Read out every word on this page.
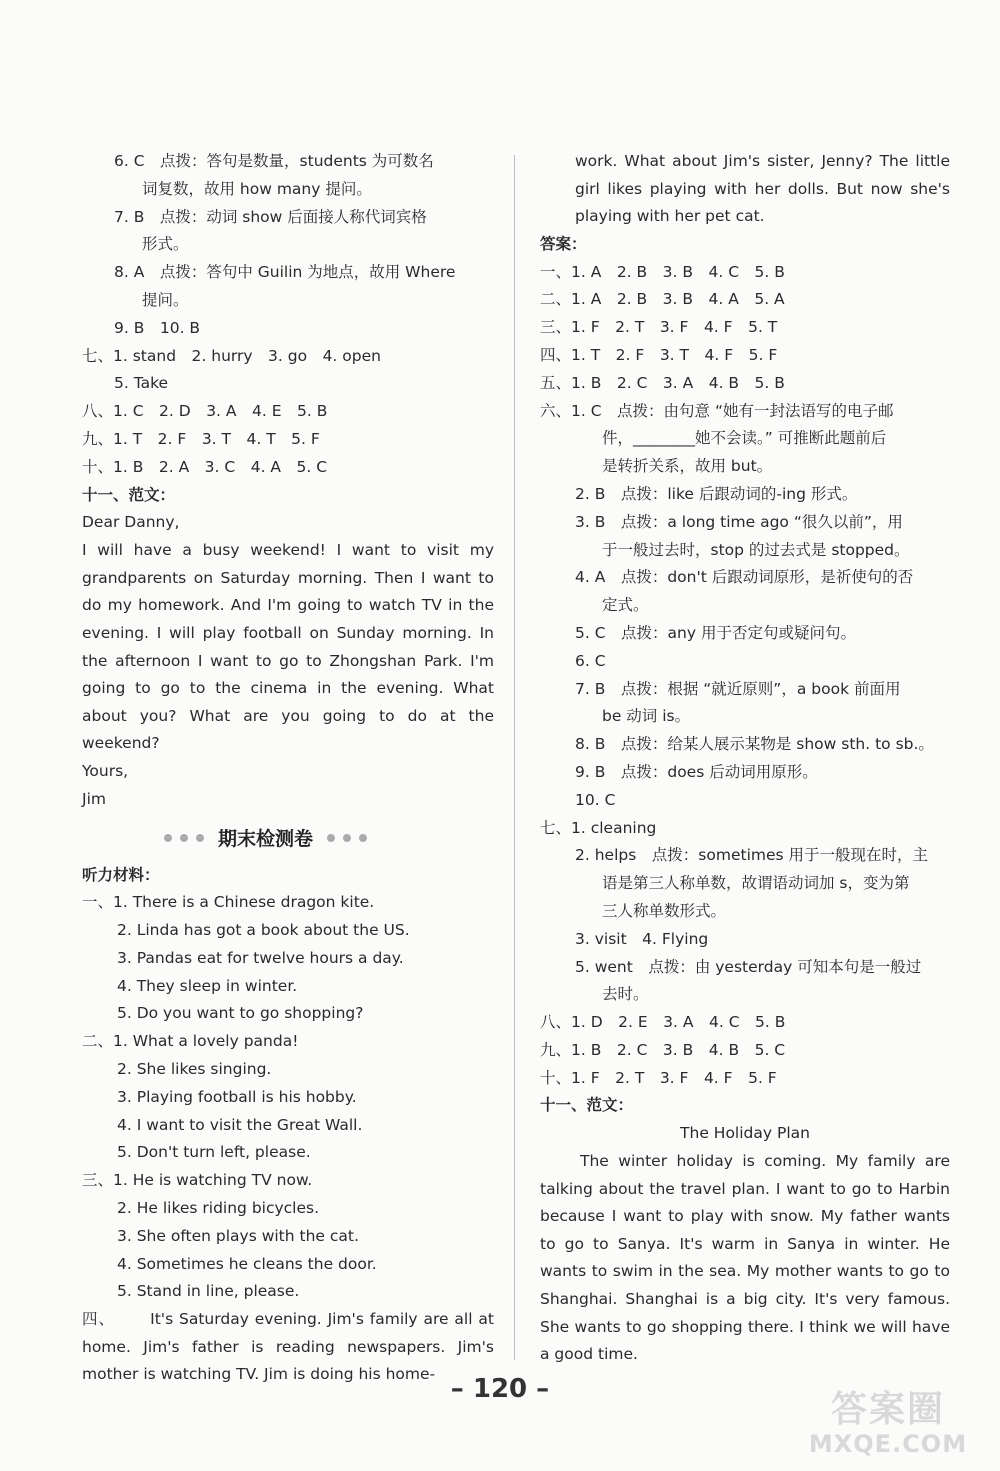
6. C　点拨：答句是数量，students 为可数名
词复数，故用 how many 提问。
7. B　点拨：动词 show 后面接人称代词宾格
形式。
8. A　点拨：答句中 Guilin 为地点，故用 Where
提问。
9. B　10. B
七、1. stand　2. hurry　3. go　4. open
5. Take
八、1. C　2. D　3. A　4. E　5. B
九、1. T　2. F　3. T　4. T　5. F
十、1. B　2. A　3. C　4. A　5. C
十一、范文：
Dear Danny,
I will have a busy weekend! I want to visit my grandparents on Saturday morning. Then I want to do my homework. And I'm going to watch TV in the evening. I will play football on Sunday morning. In the afternoon I want to go to Zhongshan Park. I'm going to go to the cinema in the evening. What about you? What are you going to do at the weekend?
Yours,
Jim
期末检测卷
听力材料：
一、1. There is a Chinese dragon kite.
2. Linda has got a book about the US.
3. Pandas eat for twelve hours a day.
4. They sleep in winter.
5. Do you want to go shopping?
二、1. What a lovely panda!
2. She likes singing.
3. Playing football is his hobby.
4. I want to visit the Great Wall.
5. Don't turn left, please.
三、1. He is watching TV now.
2. He likes riding bicycles.
3. She often plays with the cat.
4. Sometimes he cleans the door.
5. Stand in line, please.
四、 It's Saturday evening. Jim's family are all at home. Jim's father is reading newspapers. Jim's mother is watching TV. Jim is doing his home-
work. What about Jim's sister, Jenny? The little girl likes playing with her dolls. But now she's playing with her pet cat.
答案：
一、1. A　2. B　3. B　4. C　5. B
二、1. A　2. B　3. B　4. A　5. A
三、1. F　2. T　3. F　4. F　5. T
四、1. T　2. F　3. T　4. F　5. F
五、1. B　2. C　3. A　4. B　5. B
六、1. C　点拨：由句意 “她有一封法语写的电子邮
件，________她不会读。” 可推断此题前后
是转折关系，故用 but。
2. B　点拨：like 后跟动词的-ing 形式。
3. B　点拨：a long time ago “很久以前”，用
于一般过去时，stop 的过去式是 stopped。
4. A　点拨：don't 后跟动词原形，是祈使句的否
定式。
5. C　点拨：any 用于否定句或疑问句。
6. C
7. B　点拨：根据 “就近原则”，a book 前面用
be 动词 is。
8. B　点拨：给某人展示某物是 show sth. to sb.。
9. B　点拨：does 后动词用原形。
10. C
七、1. cleaning
2. helps　点拨：sometimes 用于一般现在时，主
语是第三人称单数，故谓语动词加 s，变为第
三人称单数形式。
3. visit　4. Flying
5. went　点拨：由 yesterday 可知本句是一般过
去时。
八、1. D　2. E　3. A　4. C　5. B
九、1. B　2. C　3. B　4. B　5. C
十、1. F　2. T　3. F　4. F　5. F
十一、范文：
The Holiday Plan
The winter holiday is coming. My family are talking about the travel plan. I want to go to Harbin because I want to play with snow. My father wants to go to Sanya. It's warm in Sanya in winter. He wants to swim in the sea. My mother wants to go to Shanghai. Shanghai is a big city. It's very famous. She wants to go shopping there. I think we will have a good time.
– 120 –	答案圈
MXQE.COM
